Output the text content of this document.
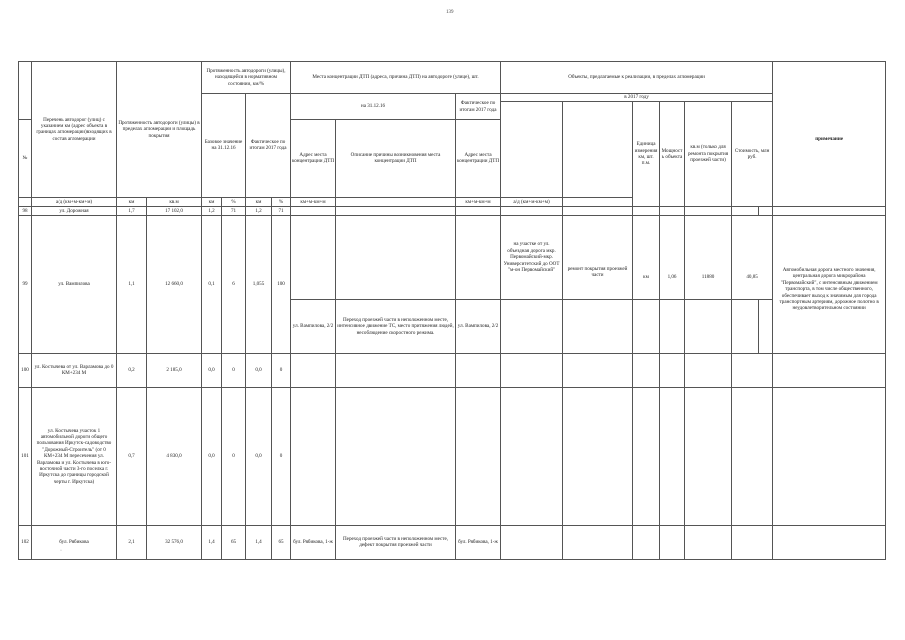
139
	Перечень автодорог (улиц) с указанием км (адрес объекта в границах агломерации)входящих в состав агломерации	Протяженность автодороги (улицы) в пределах агломерации и площадь покрытия		Протяженность автодороги (улицы), находящейся в нормативном состоянии, км/%				Места концентрации ДТП (адреса, причина ДТП) на автодороге (улице), шт.			Объекты, предлагаемые к реализации, в пределах агломерации							примечание	
				Базовое значение на 31.12.16		Фактическое по итогам 2017 года		на 31.12.16		Фактическое по итогам 2017 года	в 2017 году								
													Единица измерения км, шт. п.м.	Мощность объекта	кв.м (только для ремонта покрытия проезжей части)	Стоимость, млн руб.			
№								Адрес места концентрации ДТП	Описание причины возникновения места концентрации ДТП	Адрес места концентрации ДТП		
	а/д (км+м-км+м)	км	кв.м	км	%	км	%	км+м-км+м		км+м-км+м	а/д (км+м-км+м)								
98	ул. Дорожная	1,7	17 102,0	1,2	71	1,2	71												
99	ул. Вампилова	1,1	12 660,0	0,1	6	1,055	100				на участке от ул. объездная дорога мкр. Первомайский-мкр. Университетский до ООТ "м-он Первомайский"	ремонт покрытия проезжей части	км	1,06	11880	40,85		Автомобильная дорога местного значения, центральная дорога микрорайона "Первомайский", с интенсивным движением транспорта, в том числе общественного, обеспечивает выход к значимым для города транспортным артериям, дорожное полотно в неудовлетворительном состоянии	
								ул. Вампилова, 2/2	Переход проезжей части в неположенном месте, интенсивное движение ТС, место притяжения людей, несоблюдение скоростного режима.	ул. Вампилова, 2/2									
100	ул. Костычева от ул. Варламова до 0 КМ+234 М	0,2	2 185,0	0,0	0	0,0	0												
101	ул. Костычева участок 1 автомобильной дороги общего пользования Иркутск-садоводство "Дорожный-Строитель" (от 0 КМ+234 М пересечения ул. Варламова и ул. Костычева в юго-восточной части 3-го поселка г. Иркутска до границы городской черты г. Иркутска)	0,7	4 830,0	0,0	0	0,0	0												
102	бул. Рябикова	2,1	32 576,0	1,4	65	1,4	65	бул. Рябикова, 1-ж	Переход проезжей части в неположенном месте, дефект покрытия проезжей части	бул. Рябикова, 1-ж									
·
